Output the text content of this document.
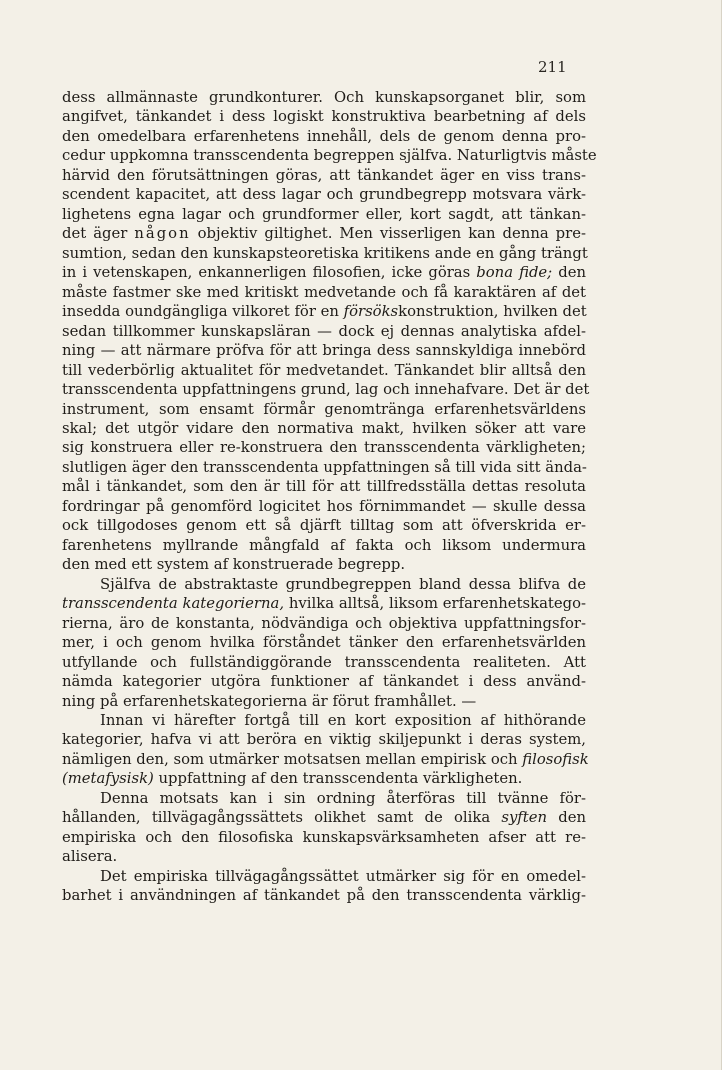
211
dess allmännaste grundkonturer. Och kunskapsorganet blir, som
angifvet, tänkandet i dess logiskt konstruktiva bearbetning af dels
den omedelbara erfarenhetens innehåll, dels de genom denna pro-
cedur uppkomna transscendenta begreppen själfva. Naturligtvis måste
härvid den förutsättningen göras, att tänkandet äger en viss trans-
scendent kapacitet, att dess lagar och grundbegrepp motsvara värk-
lighetens egna lagar och grundformer eller, kort sagdt, att tänkan-
det äger någon objektiv giltighet. Men visserligen kan denna pre-
sumtion, sedan den kunskapsteoretiska kritikens ande en gång trängt
in i vetenskapen, enkannerligen filosofien, icke göras bona fide; den
måste fastmer ske med kritiskt medvetande och få karaktären af det
insedda oundgängliga vilkoret för en försökskonstruktion, hvilken det
sedan tillkommer kunskapsläran — dock ej dennas analytiska afdel-
ning — att närmare pröfva för att bringa dess sannskyldiga innebörd
till vederbörlig aktualitet för medvetandet. Tänkandet blir alltså den
transscendenta uppfattningens grund, lag och innehafvare. Det är det
instrument, som ensamt förmår genomtränga erfarenhetsvärldens
skal; det utgör vidare den normativa makt, hvilken söker att vare
sig konstruera eller re-konstruera den transscendenta värkligheten;
slutligen äger den transscendenta uppfattningen så till vida sitt ända-
mål i tänkandet, som den är till för att tillfredsställa dettas resoluta
fordringar på genomförd logicitet hos förnimmandet — skulle dessa
ock tillgodoses genom ett så djärft tilltag som att öfverskrida er-
farenhetens myllrande mångfald af fakta och liksom undermura
den med ett system af konstruerade begrepp.
Själfva de abstraktaste grundbegreppen bland dessa blifva de
transscendenta kategorierna, hvilka alltså, liksom erfarenhetskatego-
rierna, äro de konstanta, nödvändiga och objektiva uppfattningsfor-
mer, i och genom hvilka förståndet tänker den erfarenhetsvärlden
utfyllande och fullständiggörande transscendenta realiteten. Att
nämda kategorier utgöra funktioner af tänkandet i dess använd-
ning på erfarenhetskategorierna är förut framhållet. —
Innan vi härefter fortgå till en kort exposition af hithörande
kategorier, hafva vi att beröra en viktig skiljepunkt i deras system,
nämligen den, som utmärker motsatsen mellan empirisk och filosofisk
(metafysisk) uppfattning af den transscendenta värkligheten.
Denna motsats kan i sin ordning återföras till tvänne för-
hållanden, tillvägagångssättets olikhet samt de olika syften den
empiriska och den filosofiska kunskapsvärksamheten afser att re-
alisera.
Det empiriska tillvägagångssättet utmärker sig för en omedel-
barhet i användningen af tänkandet på den transscendenta värklig-
